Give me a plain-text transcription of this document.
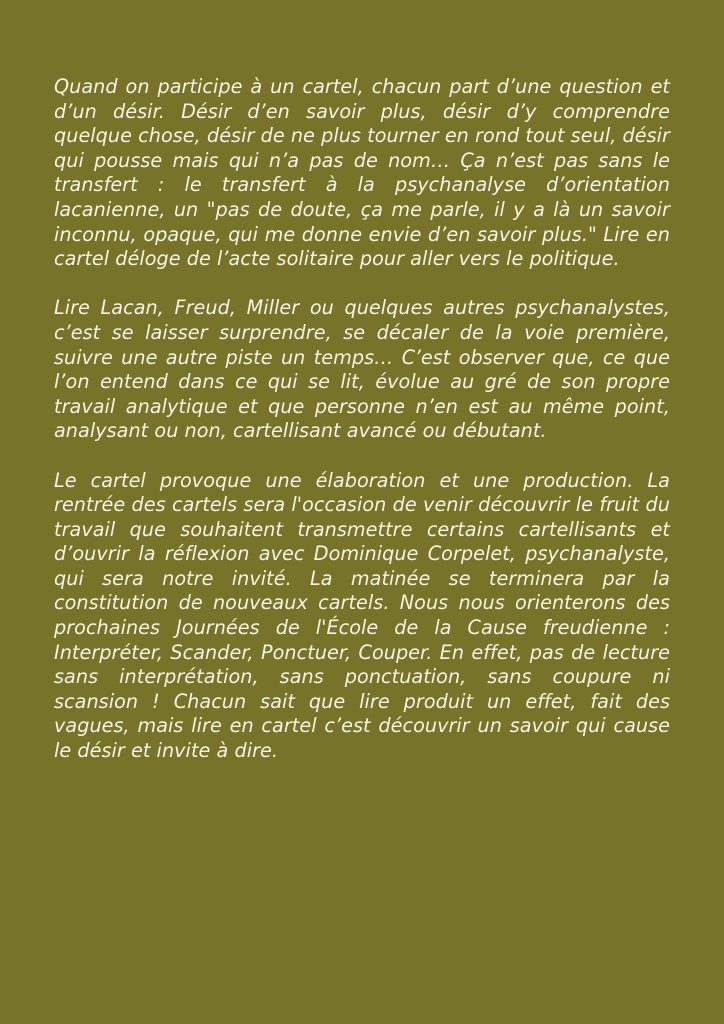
Quand on participe à un cartel, chacun part d’une question et d’un désir. Désir d’en savoir plus, désir d’y comprendre quelque chose, désir de ne plus tourner en rond tout seul, désir qui pousse mais qui n’a pas de nom… Ça n’est pas sans le transfert : le transfert à la psychanalyse d’orientation lacanienne, un "pas de doute, ça me parle, il y a là un savoir inconnu, opaque, qui me donne envie d’en savoir plus." Lire en cartel déloge de l’acte solitaire pour aller vers le politique.

Lire Lacan, Freud, Miller ou quelques autres psychanalystes, c’est se laisser surprendre, se décaler de la voie première, suivre une autre piste un temps… C’est observer que, ce que l’on entend dans ce qui se lit, évolue au gré de son propre travail analytique et que personne n’en est au même point, analysant ou non, cartellisant avancé ou débutant.

Le cartel provoque une élaboration et une production. La rentrée des cartels sera l'occasion de venir découvrir le fruit du travail que souhaitent transmettre certains cartellisants et d’ouvrir la réflexion avec Dominique Corpelet, psychanalyste, qui sera notre invité. La matinée se terminera par la constitution de nouveaux cartels. Nous nous orienterons des prochaines Journées de l'École de la Cause freudienne : Interpréter, Scander, Ponctuer, Couper. En effet, pas de lecture sans interprétation, sans ponctuation, sans coupure ni scansion ! Chacun sait que lire produit un effet, fait des vagues, mais lire en cartel c’est découvrir un savoir qui cause le désir et invite à dire.
